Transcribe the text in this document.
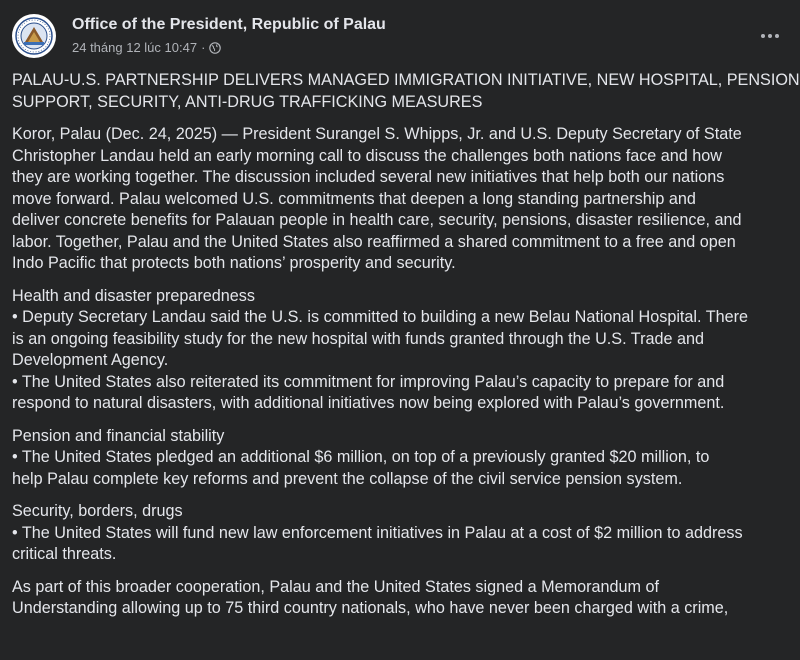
Office of the President, Republic of Palau
24 tháng 12 lúc 10:47 ·
PALAU-U.S. PARTNERSHIP DELIVERS MANAGED IMMIGRATION INITIATIVE, NEW HOSPITAL, PENSION
SUPPORT, SECURITY, ANTI-DRUG TRAFFICKING MEASURES
Koror, Palau (Dec. 24, 2025) — President Surangel S. Whipps, Jr. and U.S. Deputy Secretary of State
Christopher Landau held an early morning call to discuss the challenges both nations face and how
they are working together. The discussion included several new initiatives that help both our nations
move forward. Palau welcomed U.S. commitments that deepen a long standing partnership and
deliver concrete benefits for Palauan people in health care, security, pensions, disaster resilience, and
labor. Together, Palau and the United States also reaffirmed a shared commitment to a free and open
Indo Pacific that protects both nations’ prosperity and security.
Health and disaster preparedness
• Deputy Secretary Landau said the U.S. is committed to building a new Belau National Hospital. There
is an ongoing feasibility study for the new hospital with funds granted through the U.S. Trade and
Development Agency.
• The United States also reiterated its commitment for improving Palau’s capacity to prepare for and
respond to natural disasters, with additional initiatives now being explored with Palau’s government.
Pension and financial stability
• The United States pledged an additional $6 million, on top of a previously granted $20 million, to
help Palau complete key reforms and prevent the collapse of the civil service pension system.
Security, borders, drugs
• The United States will fund new law enforcement initiatives in Palau at a cost of $2 million to address
critical threats.
As part of this broader cooperation, Palau and the United States signed a Memorandum of
Understanding allowing up to 75 third country nationals, who have never been charged with a crime,
